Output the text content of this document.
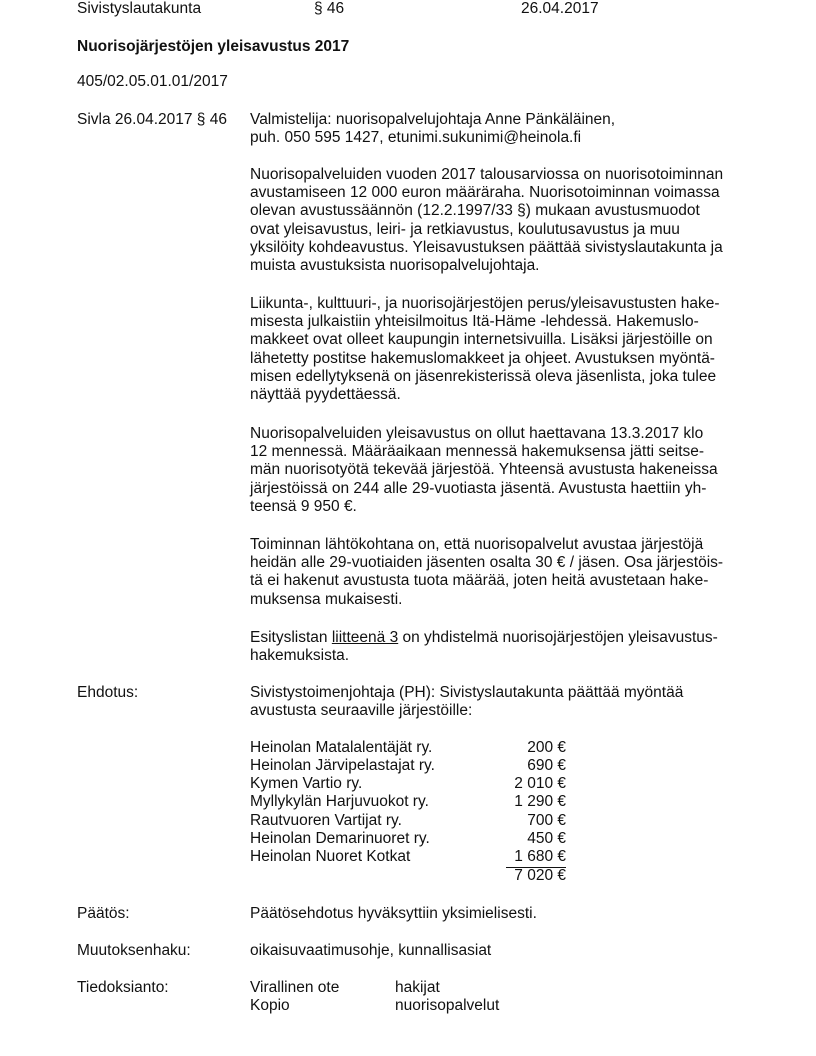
Sivistyslautakunta	§ 46	26.04.2017
Nuorisojärjestöjen yleisavustus 2017
405/02.05.01.01/2017
Sivla 26.04.2017 § 46 Valmistelija: nuorisopalvelujohtaja Anne Pänkäläinen,
puh. 050 595 1427, etunimi.sukunimi@heinola.fi
Nuorisopalveluiden vuoden 2017 talousarviossa on nuorisotoiminnan
avustamiseen 12 000 euron määräraha. Nuorisotoiminnan voimassa
olevan avustussäännön (12.2.1997/33 §) mukaan avustusmuodot
ovat yleisavustus, leiri- ja retkiavustus, koulutusavustus ja muu
yksilöity kohdeavustus. Yleisavustuksen päättää sivistyslautakunta ja
muista avustuksista nuorisopalvelujohtaja.
Liikunta-, kulttuuri-, ja nuorisojärjestöjen perus/yleisavustusten hake-
misesta julkaistiin yhteisilmoitus Itä-Häme -lehdessä. Hakemuslo-
makkeet ovat olleet kaupungin internetsivuilla. Lisäksi järjestöille on
lähetetty postitse hakemuslomakkeet ja ohjeet. Avustuksen myöntä-
misen edellytyksenä on jäsenrekisterissä oleva jäsenlista, joka tulee
näyttää pyydettäessä.
Nuorisopalveluiden yleisavustus on ollut haettavana 13.3.2017 klo
12 mennessä. Määräaikaan mennessä hakemuksensa jätti seitse-
män nuorisotyötä tekevää järjestöä. Yhteensä avustusta hakeneissa
järjestöissä on 244 alle 29-vuotiasta jäsentä. Avustusta haettiin yh-
teensä 9 950 €.
Toiminnan lähtökohtana on, että nuorisopalvelut avustaa järjestöjä
heidän alle 29-vuotiaiden jäsenten osalta 30 € / jäsen. Osa järjestöis-
tä ei hakenut avustusta tuota määrää, joten heitä avustetaan hake-
muksensa mukaisesti.
Esityslistan liitteenä 3 on yhdistelmä nuorisojärjestöjen yleisavustus-
hakemuksista.
Ehdotus:	Sivistystoimenjohtaja (PH): Sivistyslautakunta päättää myöntää
avustusta seuraaville järjestöille:
Heinolan Matalalentäjät ry.	200 €
Heinolan Järvipelastajat ry.	690 €
Kymen Vartio ry.	2 010 €
Myllykylän Harjuvuokot ry.	1 290 €
Rautvuoren Vartijat ry.	700 €
Heinolan Demarinuoret ry.	450 €
Heinolan Nuoret Kotkat	1 680 €
7 020 €
Päätös:	Päätösehdotus hyväksyttiin yksimielisesti.
Muutoksenhaku:	oikaisuvaatimusohje, kunnallisasiat
Tiedoksianto:	Virallinen ote	hakijat
Kopio	nuorisopalvelut
